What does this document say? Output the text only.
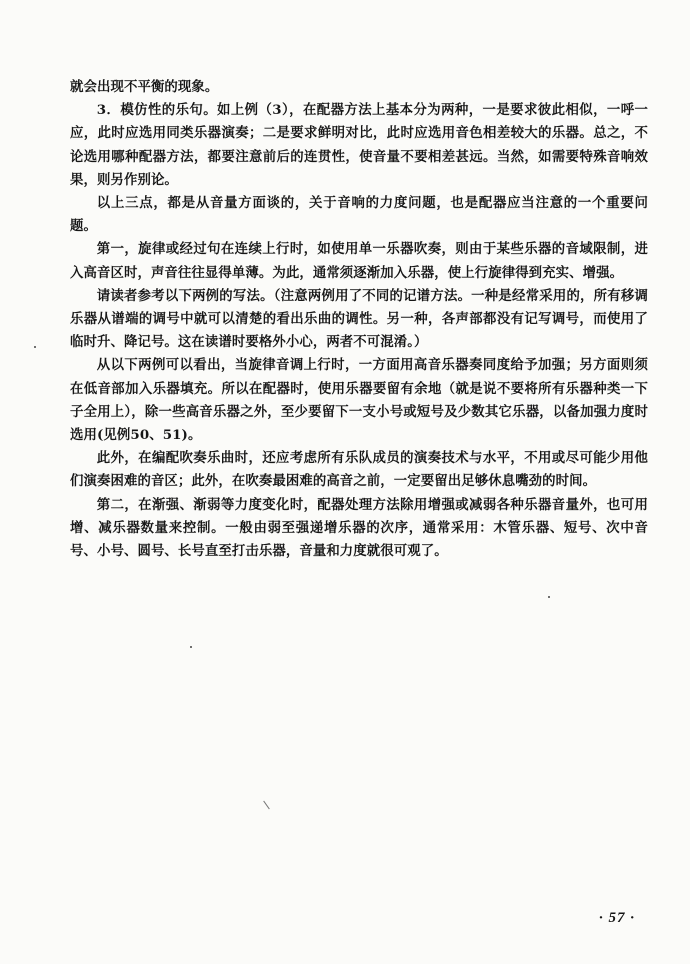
就会出现不平衡的现象。

3．模仿性的乐句。如上例（3），在配器方法上基本分为两种，一是要求彼此相似，一呼一应，此时应选用同类乐器演奏；二是要求鲜明对比，此时应选用音色相差较大的乐器。总之，不论选用哪种配器方法，都要注意前后的连贯性，使音量不要相差甚远。当然，如需要特殊音响效果，则另作别论。

以上三点，都是从音量方面谈的，关于音响的力度问题，也是配器应当注意的一个重要问题。

第一，旋律或经过句在连续上行时，如使用单一乐器吹奏，则由于某些乐器的音域限制，进入高音区时，声音往往显得单薄。为此，通常须逐渐加入乐器，使上行旋律得到充实、增强。

请读者参考以下两例的写法。（注意两例用了不同的记谱方法。一种是经常采用的，所有移调乐器从谱端的调号中就可以清楚的看出乐曲的调性。另一种，各声部都没有记写调号，而使用了临时升、降记号。这在读谱时要格外小心，两者不可混淆。）

从以下两例可以看出，当旋律音调上行时，一方面用高音乐器奏同度给予加强；另方面则须在低音部加入乐器填充。所以在配器时，使用乐器要留有余地（就是说不要将所有乐器种类一下子全用上），除一些高音乐器之外，至少要留下一支小号或短号及少数其它乐器，以备加强力度时选用(见例50、51)。

此外，在编配吹奏乐曲时，还应考虑所有乐队成员的演奏技术与水平，不用或尽可能少用他们演奏困难的音区；此外，在吹奏最困难的高音之前，一定要留出足够休息嘴劲的时间。

第二，在渐强、渐弱等力度变化时，配器处理方法除用增强或减弱各种乐器音量外，也可用增、减乐器数量来控制。一般由弱至强递增乐器的次序，通常采用：木管乐器、短号、次中音号、小号、圆号、长号直至打击乐器，音量和力度就很可观了。

· 57 ·
